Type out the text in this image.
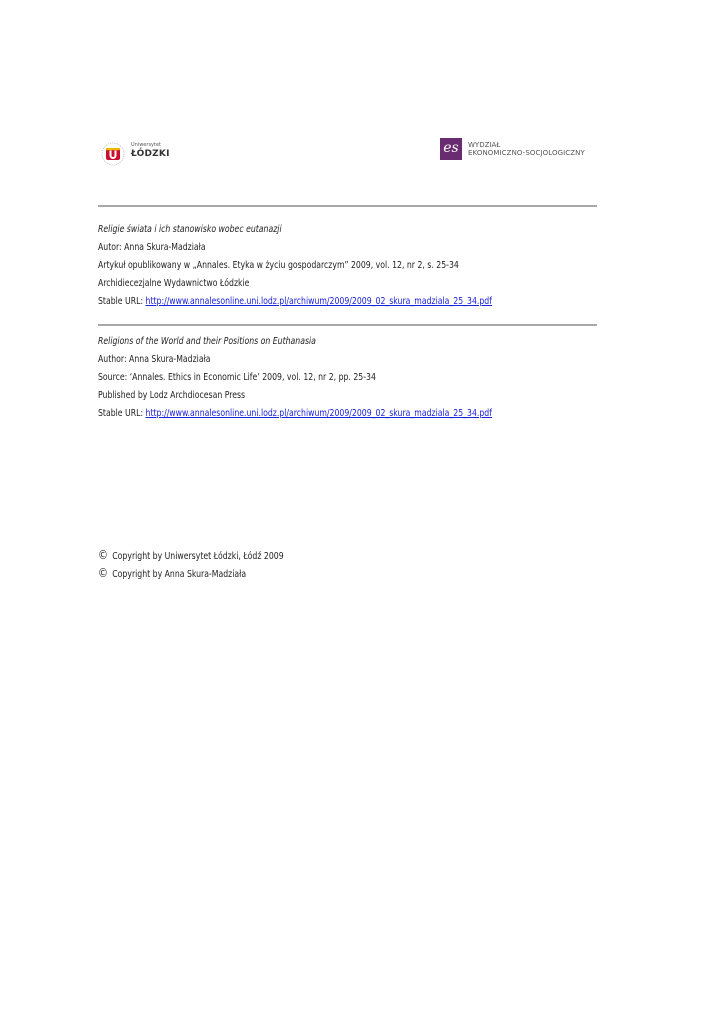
Uniwersytet
ŁÓDZKI	es	WYDZIAŁ
EKONOMICZNO-SOCJOLOGICZNY
Religie świata i ich stanowisko wobec eutanazji
Autor: Anna Skura-Madziała
Artykuł opublikowany w „Annales. Etyka w życiu gospodarczym” 2009, vol. 12, nr 2, s. 25-34
Archidiecezjalne Wydawnictwo Łódzkie
Stable URL: http://www.annalesonline.uni.lodz.pl/archiwum/2009/2009_02_skura_madziala_25_34.pdf
Religions of the World and their Positions on Euthanasia
Author: Anna Skura-Madziała
Source: ‘Annales. Ethics in Economic Life’ 2009, vol. 12, nr 2, pp. 25-34
Published by Lodz Archdiocesan Press
Stable URL: http://www.annalesonline.uni.lodz.pl/archiwum/2009/2009_02_skura_madziala_25_34.pdf
© Copyright by Uniwersytet Łódzki, Łódź 2009
© Copyright by Anna Skura-Madziała
